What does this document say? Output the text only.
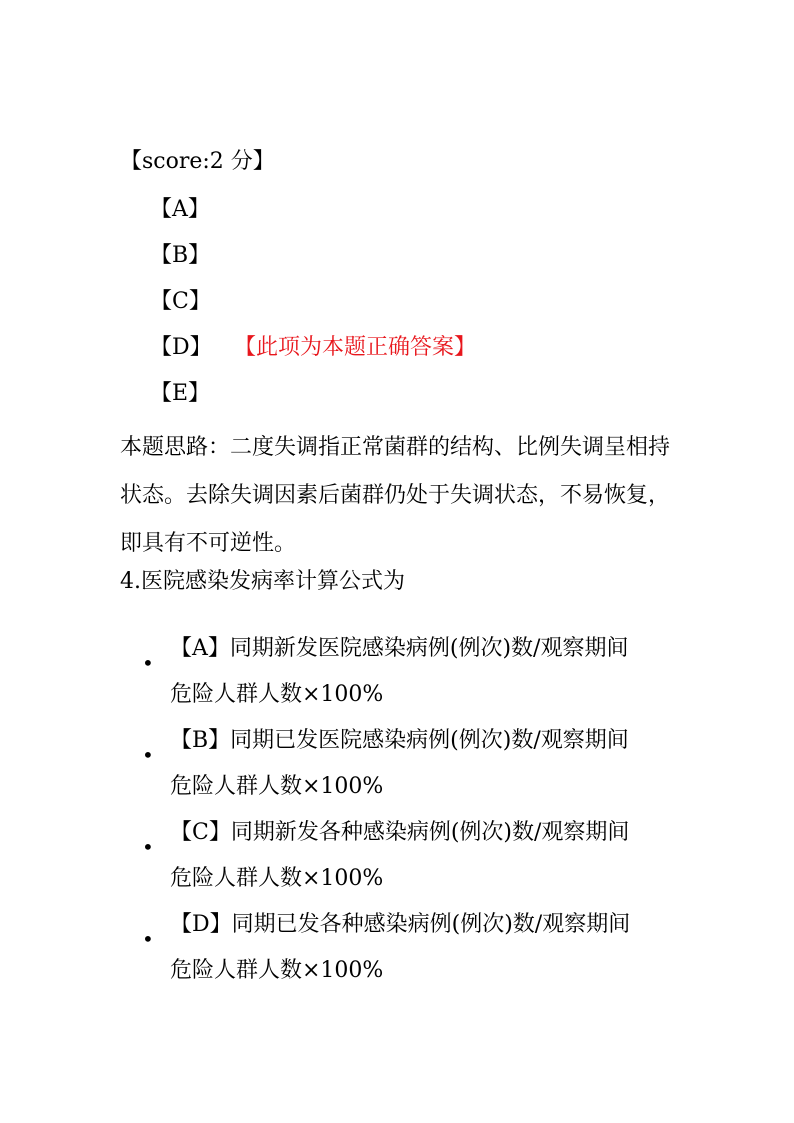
【score:2 分】
【A】
【B】
【C】
【D】 【此项为本题正确答案】
【E】
本题思路：二度失调指正常菌群的结构、比例失调呈相持状态。去除失调因素后菌群仍处于失调状态，不易恢复，即具有不可逆性。
4.医院感染发病率计算公式为
•
【A】同期新发医院感染病例(例次)数/观察期间
危险人群人数×100%
•
【B】同期已发医院感染病例(例次)数/观察期间
危险人群人数×100%
•
【C】同期新发各种感染病例(例次)数/观察期间
危险人群人数×100%
•
【D】同期已发各种感染病例(例次)数/观察期间
危险人群人数×100%
